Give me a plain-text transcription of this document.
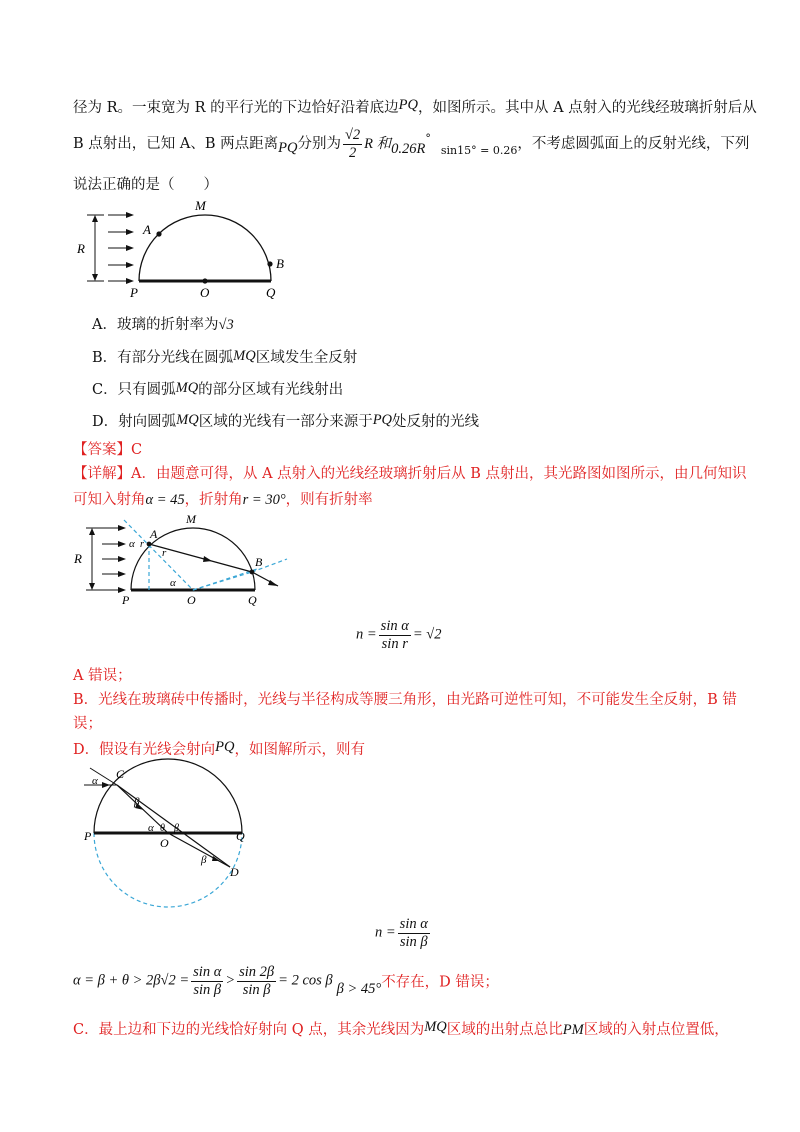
径为 R。一束宽为 R 的平行光的下边恰好沿着底边PQ，如图所示。其中从 A 点射入的光线经玻璃折射后从
B 点射出，已知 A、B 两点距离PQ分别为 $\frac{√2}{2}$ R 和$0.26R^\circ_{sin15^\circ = 0.26}$，不考虑圆弧面上的反射光线，下列
说法正确的是（　　）
R
M
A
B
P	O	Q
A．玻璃的折射率为√3
B．有部分光线在圆弧MQ区域发生全反射
C．只有圆弧MQ的部分区域有光线射出
D．射向圆弧MQ区域的光线有一部分来源于PQ处反射的光线
【答案】C
【详解】A．由题意可得，从 A 点射入的光线经玻璃折射后从 B 点射出，其光路图如图所示，由几何知识
可知入射角α = 45，折射角r = 30°，则有折射率
R
M
A
B
α r
r
α
P	O	Q
$n = \frac{\text{sin α}}{\text{sin r}} = √2$
A 错误；
B．光线在玻璃砖中传播时，光线与半径构成等腰三角形，由光路可逆性可知，不可能发生全反射，B 错
误；
D．假设有光线会射向PQ，如图解所示，则有
α C
β
α θ β
β
P	O	Q
D
$n = \frac{\text{sin α}}{\text{sin β}}$
$\alpha = \beta + \theta > 2\beta√2 = \frac{\text{sin α}}{\text{sin β}} > \frac{\sin 2\beta}{\text{sin β}} = 2$ cos ββ > 45°不存在，D 错误；
C．最上边和下边的光线恰好射向 Q 点，其余光线因为MQ区域的出射点总比PM区域的入射点位置低，
